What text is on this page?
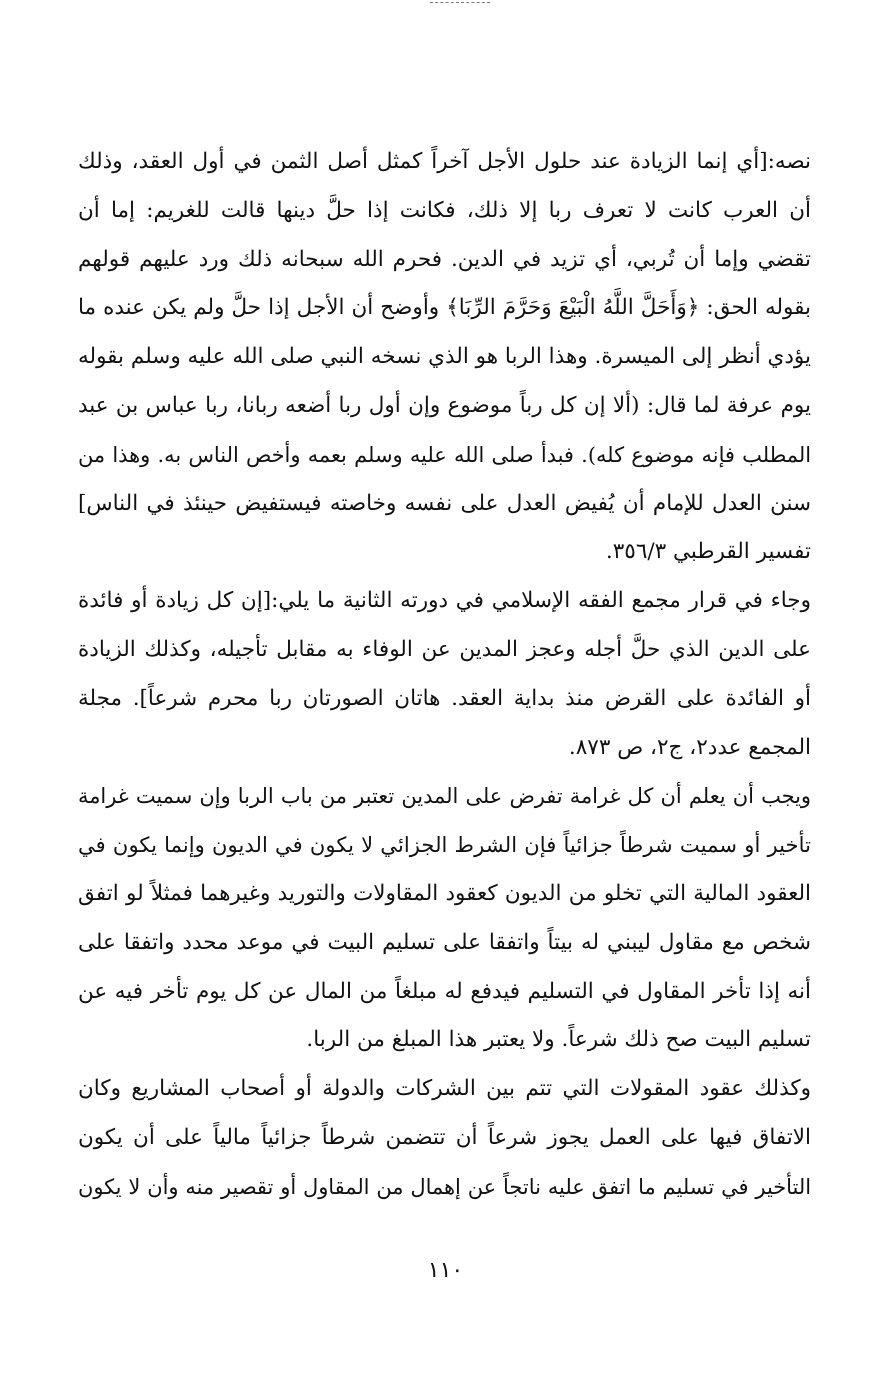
نصه:[أي إنما الزيادة عند حلول الأجل آخراً كمثل أصل الثمن في أول العقد، وذلك
أن العرب كانت لا تعرف ربا إلا ذلك، فكانت إذا حلَّ دينها قالت للغريم: إما أن
تقضي وإما أن تُربي، أي تزيد في الدين. فحرم الله سبحانه ذلك ورد عليهم قولهم
بقوله الحق: ﴿وَأَحَلَّ اللَّهُ الْبَيْعَ وَحَرَّمَ الرِّبَا﴾ وأوضح أن الأجل إذا حلَّ ولم يكن عنده ما
يؤدي أنظر إلى الميسرة. وهذا الربا هو الذي نسخه النبي صلى الله عليه وسلم بقوله
يوم عرفة لما قال: (ألا إن كل رباً موضوع وإن أول ربا أضعه ربانا، ربا عباس بن عبد
المطلب فإنه موضوع كله). فبدأ صلى الله عليه وسلم بعمه وأخص الناس به. وهذا من
سنن العدل للإمام أن يُفيض العدل على نفسه وخاصته فيستفيض حينئذ في الناس]
تفسير القرطبي ٣٥٦/٣.

وجاء في قرار مجمع الفقه الإسلامي في دورته الثانية ما يلي:[إن كل زيادة أو فائدة
على الدين الذي حلَّ أجله وعجز المدين عن الوفاء به مقابل تأجيله، وكذلك الزيادة
أو الفائدة على القرض منذ بداية العقد. هاتان الصورتان ربا محرم شرعاً]. مجلة
المجمع عدد٢، ج٢، ص ٨٧٣.

ويجب أن يعلم أن كل غرامة تفرض على المدين تعتبر من باب الربا وإن سميت غرامة
تأخير أو سميت شرطاً جزائياً فإن الشرط الجزائي لا يكون في الديون وإنما يكون في
العقود المالية التي تخلو من الديون كعقود المقاولات والتوريد وغيرهما فمثلاً لو اتفق
شخص مع مقاول ليبني له بيتاً واتفقا على تسليم البيت في موعد محدد واتفقا على
أنه إذا تأخر المقاول في التسليم فيدفع له مبلغاً من المال عن كل يوم تأخر فيه عن
تسليم البيت صح ذلك شرعاً. ولا يعتبر هذا المبلغ من الربا.

وكذلك عقود المقولات التي تتم بين الشركات والدولة أو أصحاب المشاريع وكان
الاتفاق فيها على العمل يجوز شرعاً أن تتضمن شرطاً جزائياً مالياً على أن يكون
التأخير في تسليم ما اتفق عليه ناتجاً عن إهمال من المقاول أو تقصير منه وأن لا يكون

١١٠
